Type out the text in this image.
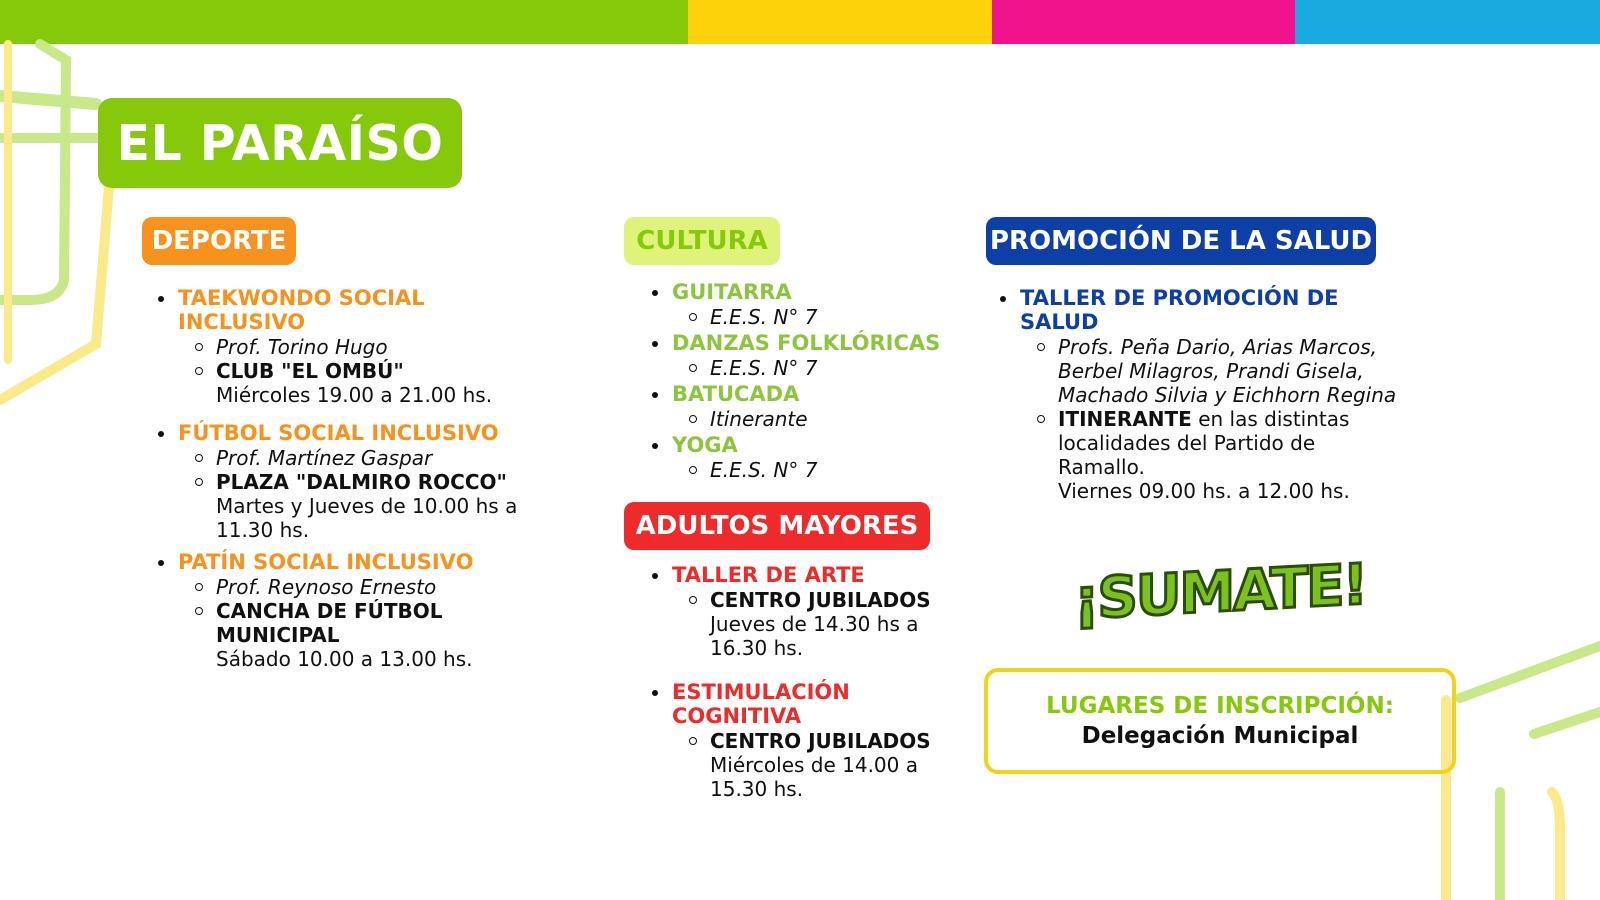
EL PARAÍSO
DEPORTE
TAEKWONDO SOCIAL INCLUSIVO
Prof. Torino Hugo
CLUB "EL OMBÚ"
Miércoles 19.00 a 21.00 hs.
FÚTBOL SOCIAL INCLUSIVO
Prof. Martínez Gaspar
PLAZA "DALMIRO ROCCO"
Martes y Jueves de 10.00 hs a 11.30 hs.
PATÍN SOCIAL INCLUSIVO
Prof. Reynoso Ernesto
CANCHA DE FÚTBOL MUNICIPAL
Sábado 10.00 a 13.00 hs.
CULTURA
GUITARRA
E.E.S. N° 7
DANZAS FOLKLÓRICAS
E.E.S. N° 7
BATUCADA
Itinerante
YOGA
E.E.S. N° 7
ADULTOS MAYORES
TALLER DE ARTE
CENTRO JUBILADOS
Jueves de 14.30 hs a 16.30 hs.
ESTIMULACIÓN COGNITIVA
CENTRO JUBILADOS
Miércoles de 14.00 a 15.30 hs.
PROMOCIÓN DE LA SALUD
TALLER DE PROMOCIÓN DE SALUD
Profs. Peña Dario, Arias Marcos, Berbel Milagros, Prandi Gisela, Machado Silvia y Eichhorn Regina
ITINERANTE en las distintas localidades del Partido de Ramallo.
Viernes 09.00 hs. a 12.00 hs.
¡SUMATE!
LUGARES DE INSCRIPCIÓN:
Delegación Municipal
